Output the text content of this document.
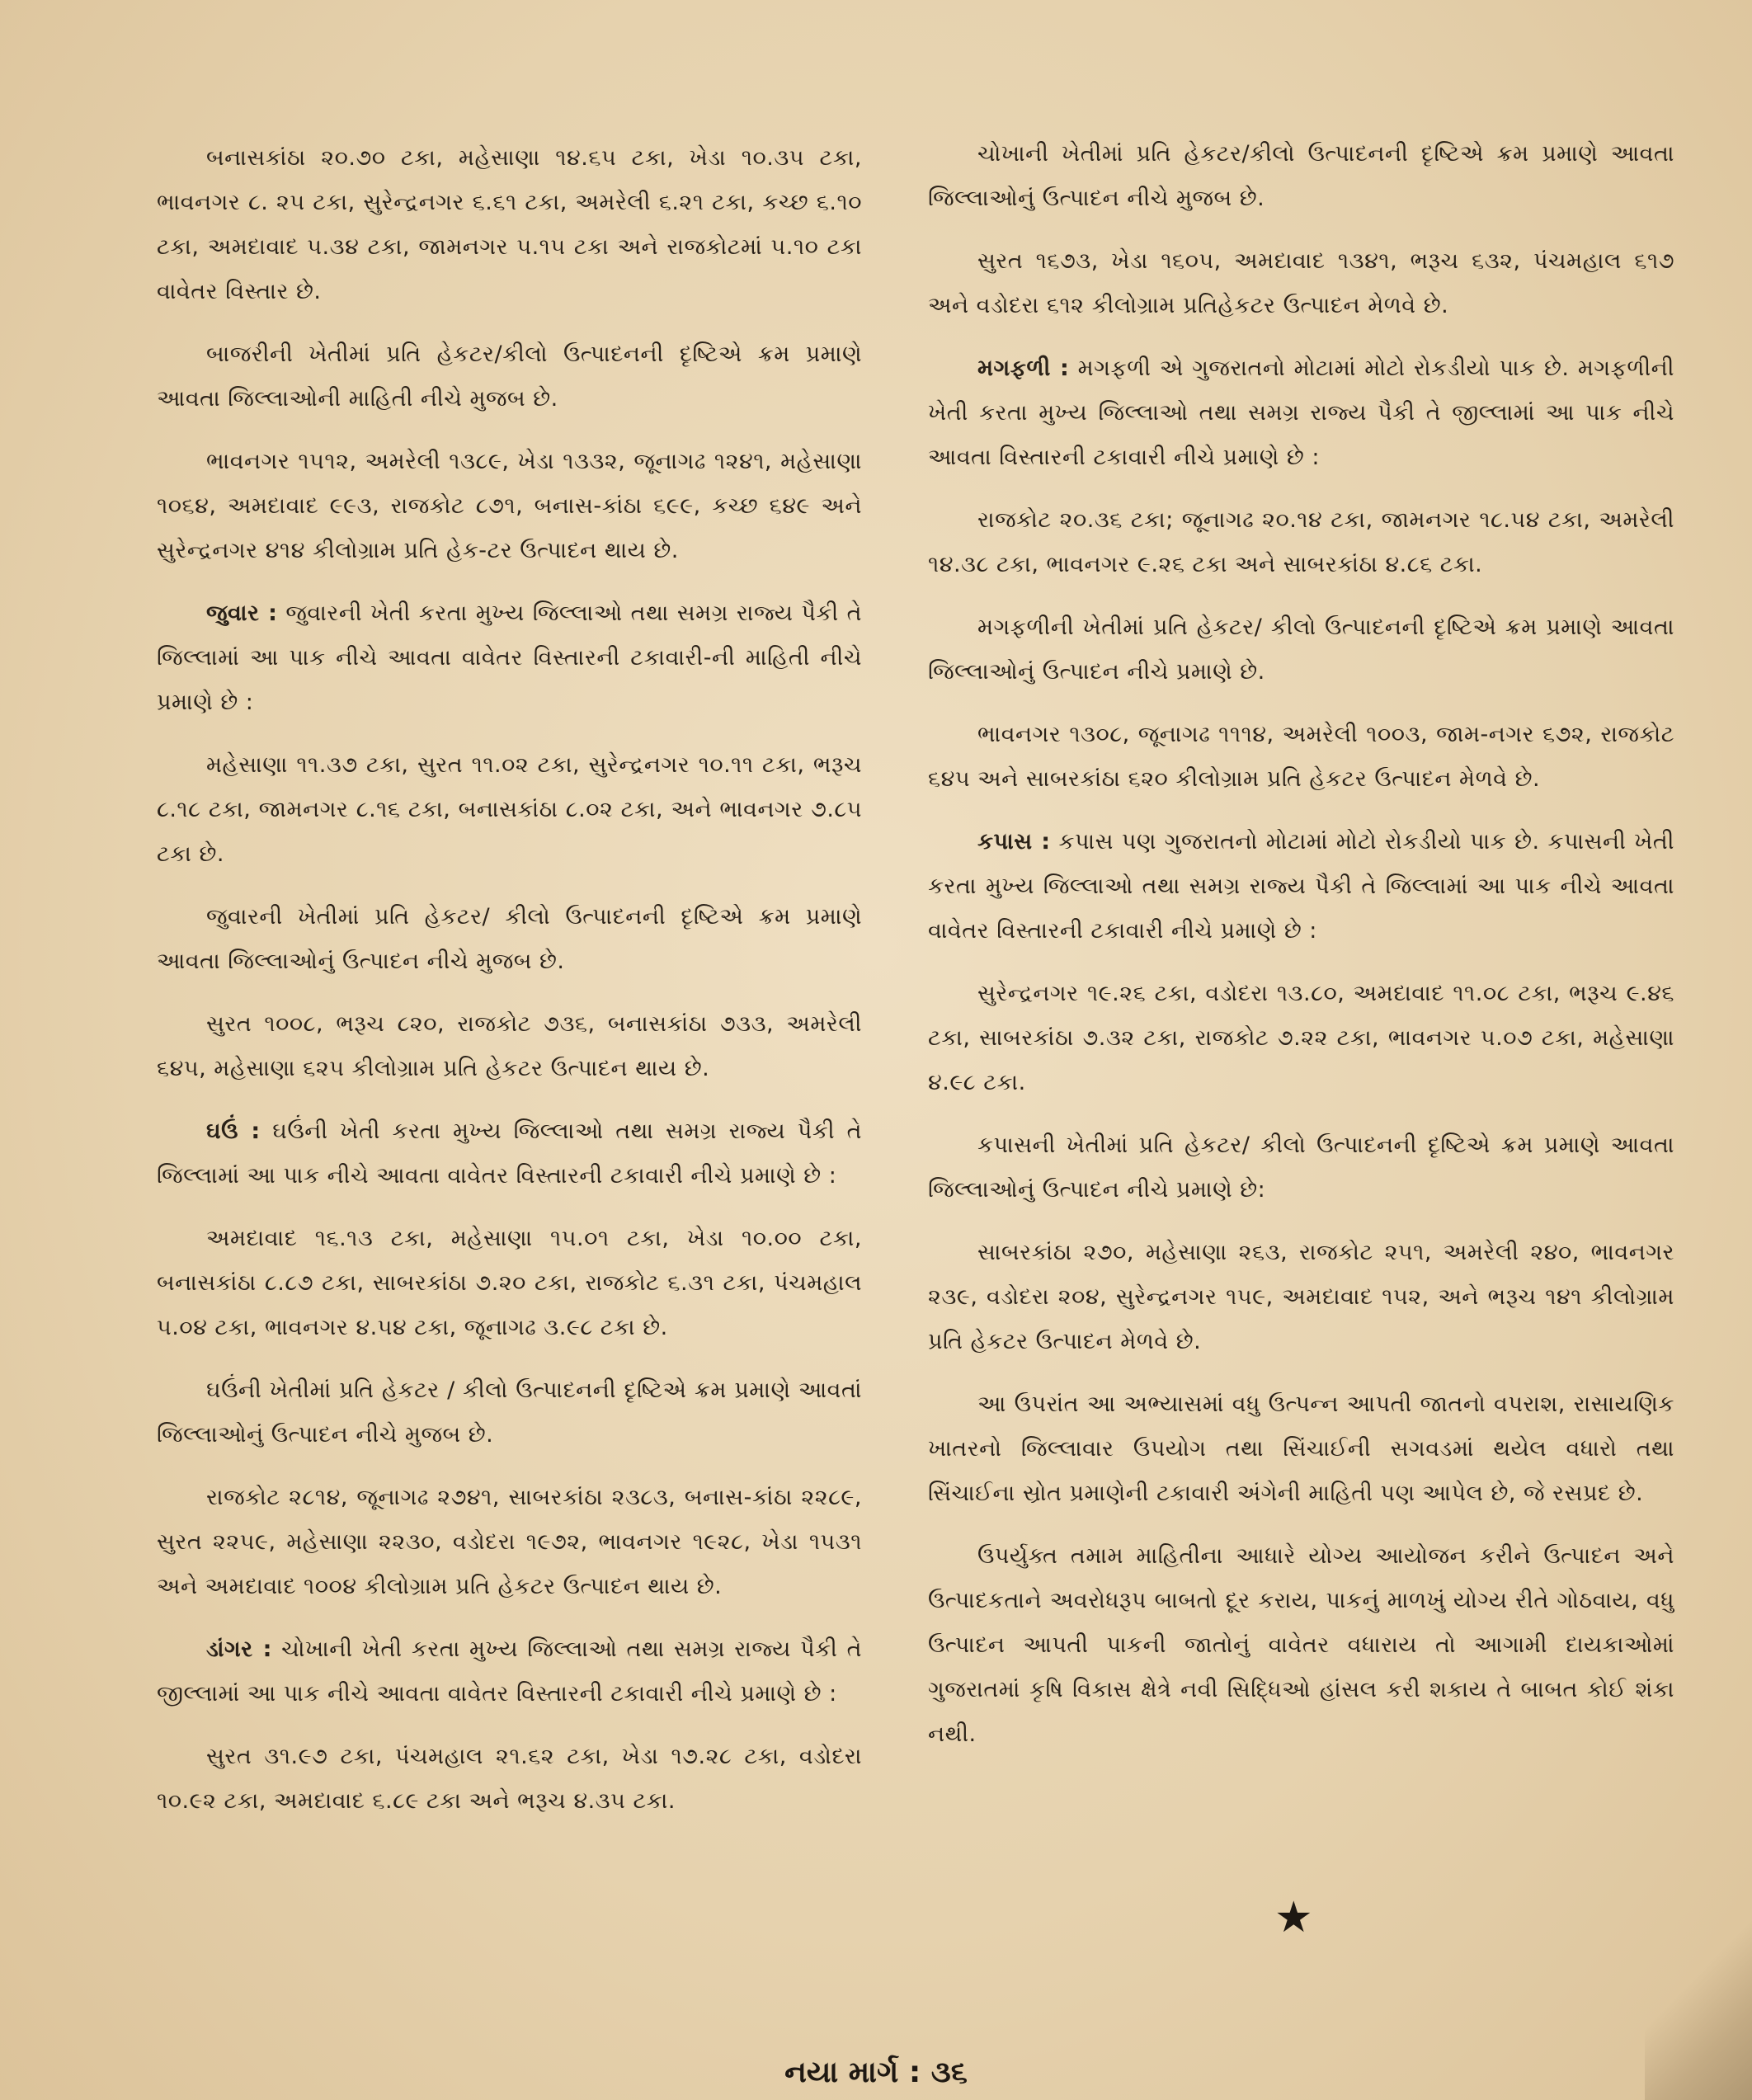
બનાસકાંઠા ૨૦.૭૦ ટકા, મહેસાણા ૧૪.૬૫ ટકા, ખેડા ૧૦.૩૫ ટકા, ભાવનગર ૮. ૨૫ ટકા, સુરેન્દ્રનગર ૬.૬૧ ટકા, અમરેલી ૬.૨૧ ટકા, કચ્છ ૬.૧૦ ટકા, અમદાવાદ ૫.૩૪ ટકા, જામનગર ૫.૧૫ ટકા અને રાજકોટમાં ૫.૧૦ ટકા વાવેતર વિસ્તાર છે.

બાજરીની ખેતીમાં પ્રતિ હેકટર/કીલો ઉત્પાદનની દૃષ્ટિએ ક્રમ પ્રમાણે આવતા જિલ્લાઓની માહિતી નીચે મુજબ છે.

ભાવનગર ૧૫૧૨, અમરેલી ૧૩૮૯, ખેડા ૧૩૩૨, જૂનાગઢ ૧૨૪૧, મહેસાણા ૧૦૬૪, અમદાવાદ ૯૯૩, રાજકોટ ૮૭૧, બનાસ-કાંઠા ૬૯૯, કચ્છ ૬૪૯ અને સુરેન્દ્રનગર ૪૧૪ કીલોગ્રામ પ્રતિ હેક-ટર ઉત્પાદન થાય છે.

જુવાર : જુવારની ખેતી કરતા મુખ્ય જિલ્લાઓ તથા સમગ્ર રાજ્ય પૈકી તે જિલ્લામાં આ પાક નીચે આવતા વાવેતર વિસ્તારની ટકાવારી-ની માહિતી નીચે પ્રમાણે છે :

મહેસાણા ૧૧.૩૭ ટકા, સુરત ૧૧.૦૨ ટકા, સુરેન્દ્રનગર ૧૦.૧૧ ટકા, ભરૂચ ૮.૧૮ ટકા, જામનગર ૮.૧૬ ટકા, બનાસકાંઠા ૮.૦૨ ટકા, અને ભાવનગર ૭.૮૫ ટકા છે.

જુવારની ખેતીમાં પ્રતિ હેકટર/ કીલો ઉત્પાદનની દૃષ્ટિએ ક્રમ પ્રમાણે આવતા જિલ્લાઓનું ઉત્પાદન નીચે મુજબ છે.

સુરત ૧૦૦૮, ભરૂચ ૮૨૦, રાજકોટ ૭૩૬, બનાસકાંઠા ૭૩૩, અમરેલી ૬૪૫, મહેસાણા ૬૨૫ કીલોગ્રામ પ્રતિ હેકટર ઉત્પાદન થાય છે.

ઘઉં : ઘઉંની ખેતી કરતા મુખ્ય જિલ્લાઓ તથા સમગ્ર રાજ્ય પૈકી તે જિલ્લામાં આ પાક નીચે આવતા વાવેતર વિસ્તારની ટકાવારી નીચે પ્રમાણે છે :

અમદાવાદ ૧૬.૧૩ ટકા, મહેસાણા ૧૫.૦૧ ટકા, ખેડા ૧૦.૦૦ ટકા, બનાસકાંઠા ૮.૮૭ ટકા, સાબરકાંઠા ૭.૨૦ ટકા, રાજકોટ ૬.૩૧ ટકા, પંચમહાલ ૫.૦૪ ટકા, ભાવનગર ૪.૫૪ ટકા, જૂનાગઢ ૩.૯૮ ટકા છે.

ઘઉંની ખેતીમાં પ્રતિ હેકટર / કીલો ઉત્પાદનની દૃષ્ટિએ ક્રમ પ્રમાણે આવતાં જિલ્લાઓનું ઉત્પાદન નીચે મુજબ છે.

રાજકોટ ૨૮૧૪, જૂનાગઢ ૨૭૪૧, સાબરકાંઠા ૨૩૮૩, બનાસ-કાંઠા ૨૨૮૯, સુરત ૨૨૫૯, મહેસાણા ૨૨૩૦, વડોદરા ૧૯૭૨, ભાવનગર ૧૯૨૮, ખેડા ૧૫૩૧ અને અમદાવાદ ૧૦૦૪ કીલોગ્રામ પ્રતિ હેકટર ઉત્પાદન થાય છે.

ડાંગર : ચોખાની ખેતી કરતા મુખ્ય જિલ્લાઓ તથા સમગ્ર રાજ્ય પૈકી તે જીલ્લામાં આ પાક નીચે આવતા વાવેતર વિસ્તારની ટકાવારી નીચે પ્રમાણે છે :

સુરત ૩૧.૯૭ ટકા, પંચમહાલ ૨૧.૬૨ ટકા, ખેડા ૧૭.૨૮ ટકા, વડોદરા ૧૦.૯૨ ટકા, અમદાવાદ ૬.૮૯ ટકા અને ભરૂચ ૪.૩૫ ટકા.

ચોખાની ખેતીમાં પ્રતિ હેકટર/કીલો ઉત્પાદનની દૃષ્ટિએ ક્રમ પ્રમાણે આવતા જિલ્લાઓનું ઉત્પાદન નીચે મુજબ છે.

સુરત ૧૬૭૩, ખેડા ૧૬૦૫, અમદાવાદ ૧૩૪૧, ભરૂચ ૬૩૨, પંચમહાલ ૬૧૭ અને વડોદરા ૬૧૨ કીલોગ્રામ પ્રતિહેકટર ઉત્પાદન મેળવે છે.

મગફળી : મગફળી એ ગુજરાતનો મોટામાં મોટો રોકડીયો પાક છે. મગફળીની ખેતી કરતા મુખ્ય જિલ્લાઓ તથા સમગ્ર રાજ્ય પૈકી તે જીલ્લામાં આ પાક નીચે આવતા વિસ્તારની ટકાવારી નીચે પ્રમાણે છે :

રાજકોટ ૨૦.૩૬ ટકા; જૂનાગઢ ૨૦.૧૪ ટકા, જામનગર ૧૮.૫૪ ટકા, અમરેલી ૧૪.૩૮ ટકા, ભાવનગર ૯.૨૬ ટકા અને સાબરકાંઠા ૪.૮૬ ટકા.

મગફળીની ખેતીમાં પ્રતિ હેકટર/ કીલો ઉત્પાદનની દૃષ્ટિએ ક્રમ પ્રમાણે આવતા જિલ્લાઓનું ઉત્પાદન નીચે પ્રમાણે છે.

ભાવનગર ૧૩૦૮, જૂનાગઢ ૧૧૧૪, અમરેલી ૧૦૦૩, જામ-નગર ૬૭૨, રાજકોટ ૬૪૫ અને સાબરકાંઠા ૬૨૦ કીલોગ્રામ પ્રતિ હેકટર ઉત્પાદન મેળવે છે.

કપાસ : કપાસ પણ ગુજરાતનો મોટામાં મોટો રોકડીયો પાક છે. કપાસની ખેતી કરતા મુખ્ય જિલ્લાઓ તથા સમગ્ર રાજ્ય પૈકી તે જિલ્લામાં આ પાક નીચે આવતા વાવેતર વિસ્તારની ટકાવારી નીચે પ્રમાણે છે :

સુરેન્દ્રનગર ૧૯.૨૬ ટકા, વડોદરા ૧૩.૮૦, અમદાવાદ ૧૧.૦૮ ટકા, ભરૂચ ૯.૪૬ ટકા, સાબરકાંઠા ૭.૩૨ ટકા, રાજકોટ ૭.૨૨ ટકા, ભાવનગર ૫.૦૭ ટકા, મહેસાણા ૪.૯૮ ટકા.

કપાસની ખેતીમાં પ્રતિ હેકટર/ કીલો ઉત્પાદનની દૃષ્ટિએ ક્રમ પ્રમાણે આવતા જિલ્લાઓનું ઉત્પાદન નીચે પ્રમાણે છે:

સાબરકાંઠા ૨૭૦, મહેસાણા ૨૬૩, રાજકોટ ૨૫૧, અમરેલી ૨૪૦, ભાવનગર ૨૩૯, વડોદરા ૨૦૪, સુરેન્દ્રનગર ૧૫૯, અમદાવાદ ૧૫૨, અને ભરૂચ ૧૪૧ કીલોગ્રામ પ્રતિ હેકટર ઉત્પાદન મેળવે છે.

આ ઉપરાંત આ અભ્યાસમાં વધુ ઉત્પન્ન આપતી જાતનો વપરાશ, રાસાયણિક ખાતરનો જિલ્લાવાર ઉપયોગ તથા સિંચાઈની સગવડમાં થયેલ વધારો તથા સિંચાઈના સ્રોત પ્રમાણેની ટકાવારી અંગેની માહિતી પણ આપેલ છે, જે રસપ્રદ છે.

ઉપર્યુક્ત તમામ માહિતીના આધારે યોગ્ય આયોજન કરીને ઉત્પાદન અને ઉત્પાદકતાને અવરોધરૂપ બાબતો દૂર કરાય, પાકનું માળખું યોગ્ય રીતે ગોઠવાય, વધુ ઉત્પાદન આપતી પાકની જાતોનું વાવેતર વધારાય તો આગામી દાયકાઓમાં ગુજરાતમાં કૃષિ વિકાસ ક્ષેત્રે નવી સિદ્ધિઓ હાંસલ કરી શકાય તે બાબત કોઈ શંકા નથી.

★
નયા માર્ગ : ૩૬
